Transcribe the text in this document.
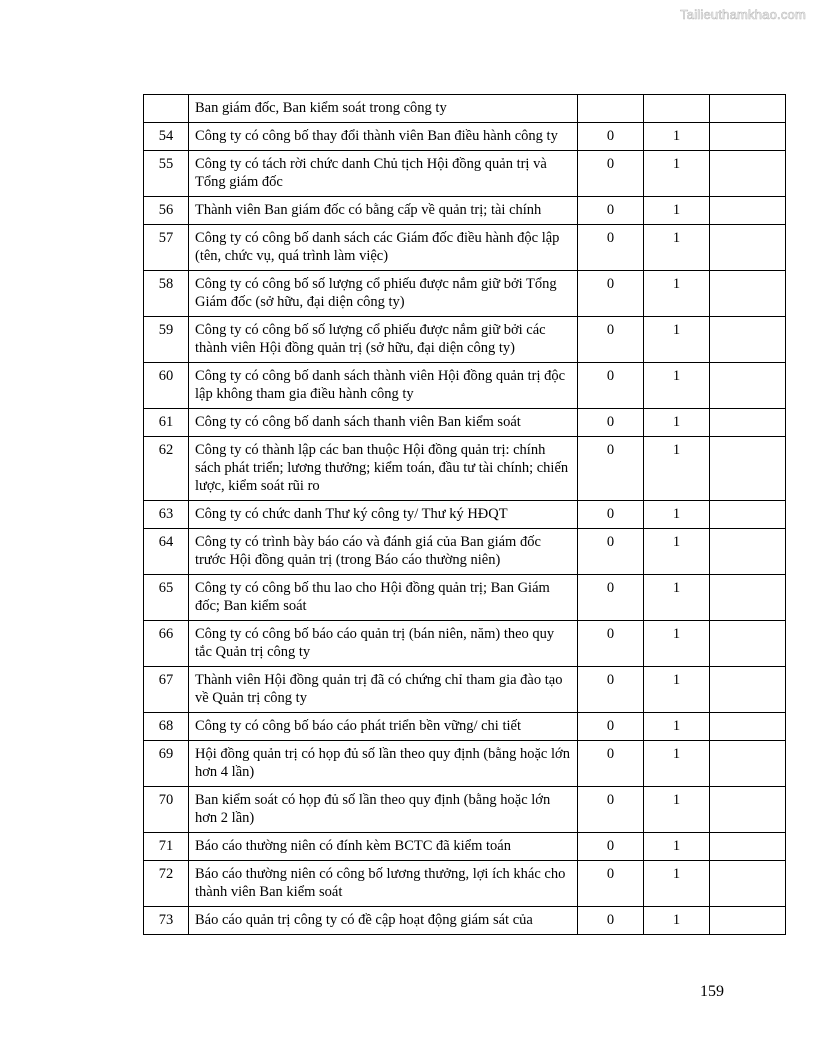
Tailieuthamkhao.com
	Ban giám đốc, Ban kiểm soát trong công ty			
54	Công ty có công bố thay đổi thành viên Ban điều hành công ty	0	1	
55	Công ty có tách rời chức danh Chủ tịch Hội đồng quản trị và Tổng giám đốc	0	1	
56	Thành viên Ban giám đốc có bằng cấp về quản trị; tài chính	0	1	
57	Công ty có công bố danh sách các Giám đốc điều hành độc lập (tên, chức vụ, quá trình làm việc)	0	1	
58	Công ty có công bố số lượng cổ phiếu được nắm giữ bởi Tổng Giám đốc (sở hữu, đại diện công ty)	0	1	
59	Công ty có công bố số lượng cổ phiếu được nắm giữ bởi các thành viên Hội đồng quản trị (sở hữu, đại diện công ty)	0	1	
60	Công ty có công bố danh sách thành viên Hội đồng quản trị độc lập không tham gia điều hành công ty	0	1	
61	Công ty có công bố danh sách thanh viên Ban kiểm soát	0	1	
62	Công ty có thành lập các ban thuộc Hội đồng quản trị: chính sách phát triển; lương thưởng; kiểm toán, đầu tư tài chính; chiến lược, kiểm soát rũi ro	0	1	
63	Công ty có chức danh Thư ký công ty/ Thư ký HĐQT	0	1	
64	Công ty có trình bày báo cáo và đánh giá của Ban giám đốc trước Hội đồng quản trị (trong Báo cáo thường niên)	0	1	
65	Công ty có công bố thu lao cho Hội đồng quản trị; Ban Giám đốc; Ban kiểm soát	0	1	
66	Công ty có công bố báo cáo quản trị (bán niên, năm) theo quy tắc Quản trị công ty	0	1	
67	Thành viên Hội đồng quản trị đã có chứng chỉ tham gia đào tạo về Quản trị công ty	0	1	
68	Công ty có công bố báo cáo phát triển bền vững/ chi tiết	0	1	
69	Hội đồng quản trị có họp đủ số lần theo quy định (bằng hoặc lớn hơn 4 lần)	0	1	
70	Ban kiểm soát có họp đủ số lần theo quy định (bằng hoặc lớn hơn 2 lần)	0	1	
71	Báo cáo thường niên có đính kèm BCTC đã kiểm toán	0	1	
72	Báo cáo thường niên có công bố lương thưởng, lợi ích khác cho thành viên Ban kiểm soát	0	1	
73	Báo cáo quản trị công ty có đề cập hoạt động giám sát của	0	1	
159
